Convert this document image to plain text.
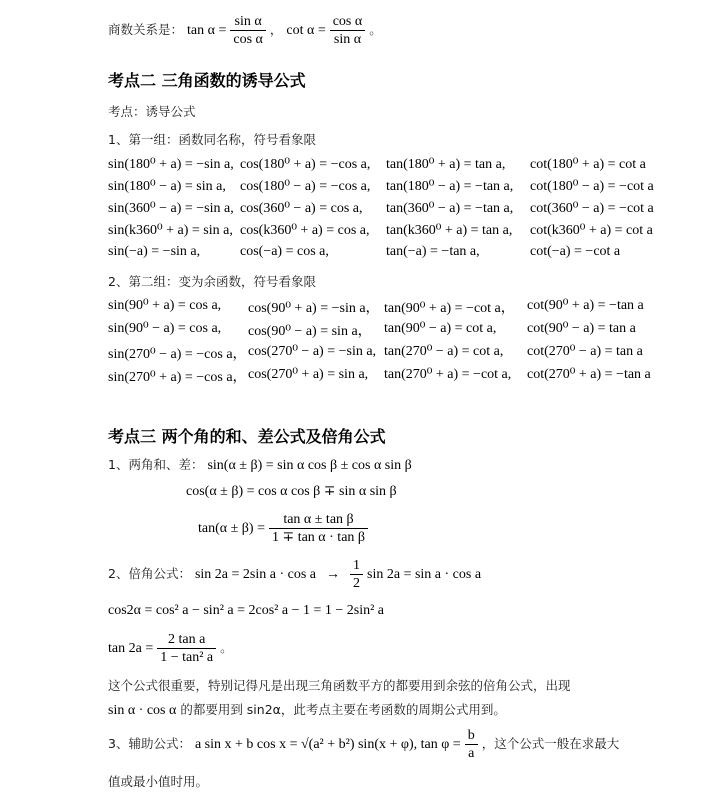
商数关系是： $\tan \alpha = \frac{\text{sin α}}{\text{cos α}}$ ， $\cot \alpha = \frac{\text{cos α}}{\text{sin α}}$ 。
考点二 三角函数的诱导公式
考点：诱导公式
1、第一组：函数同名称，符号看象限
sin(180⁰ + a) = −sin a, cos(180⁰ + a) = −cos a, tan(180⁰ + a) = tan a, cot(180⁰ + a) = cot a
sin(180⁰ − a) = sin a, cos(180⁰ − a) = −cos a, tan(180⁰ − a) = −tan a, cot(180⁰ − a) = −cot a
sin(360⁰ − a) = −sin a, cos(360⁰ − a) = cos a, tan(360⁰ − a) = −tan a, cot(360⁰ − a) = −cot a
sin(k360⁰ + a) = sin a, cos(k360⁰ + a) = cos a, tan(k360⁰ + a) = tan a, cot(k360⁰ + a) = cot a
sin(−a) = −sin a,	cos(−a) = cos a,	tan(−a) = −tan a,	cot(−a) = −cot a
2、第二组：变为余函数，符号看象限
sin(90⁰ + a) = cos a, cos(90⁰ + a) = −sin a， tan(90⁰ + a) = −cot a， cot(90⁰ + a) = −tan a
sin(90⁰ − a) = cos a, cos(90⁰ − a) = sin a， tan(90⁰ − a) = cot a, cot(90⁰ − a) = tan a
sin(270⁰ − a) = −cos a， cos(270⁰ − a) = −sin a, tan(270⁰ − a) = cot a, cot(270⁰ − a) = tan a
sin(270⁰ + a) = −cos a， cos(270⁰ + a) = sin a, tan(270⁰ + a) = −cot a, cot(270⁰ + a) = −tan a
考点三 两个角的和、差公式及倍角公式
1、两角和、差： sin(α ± β) = sin α cos β ± cos α sin β
cos(α ± β) = cos α cos β ∓ sin α sin β
$\tan(\alpha \pm \beta) = \frac{\text{tan α ± tan β}}{\text{1 ∓ tan α · tan β}}$
2、倍角公式： sin 2a = 2sin $a \cdot \cos a \to \frac{1}{2}$ sin 2a = sin a · cos a
cos2α = cos² a − sin² a = 2cos² a − 1 = 1 − 2sin² a
$\tan 2a = \frac{\text{2 tan a}}{\text{1 − tan² a}}$ 。
这个公式很重要，特别记得凡是出现三角函数平方的都要用到余弦的倍角公式，出现
sin α · cos α 的都要用到 sin2α，此考点主要在考函数的周期公式用到。
3、辅助公式： a sin x + b cos x = √(a² + b²) sin(x + φ), $\tan \varphi = \frac{b}{a}$ ，这个公式一般在求最大
值或最小值时用。
